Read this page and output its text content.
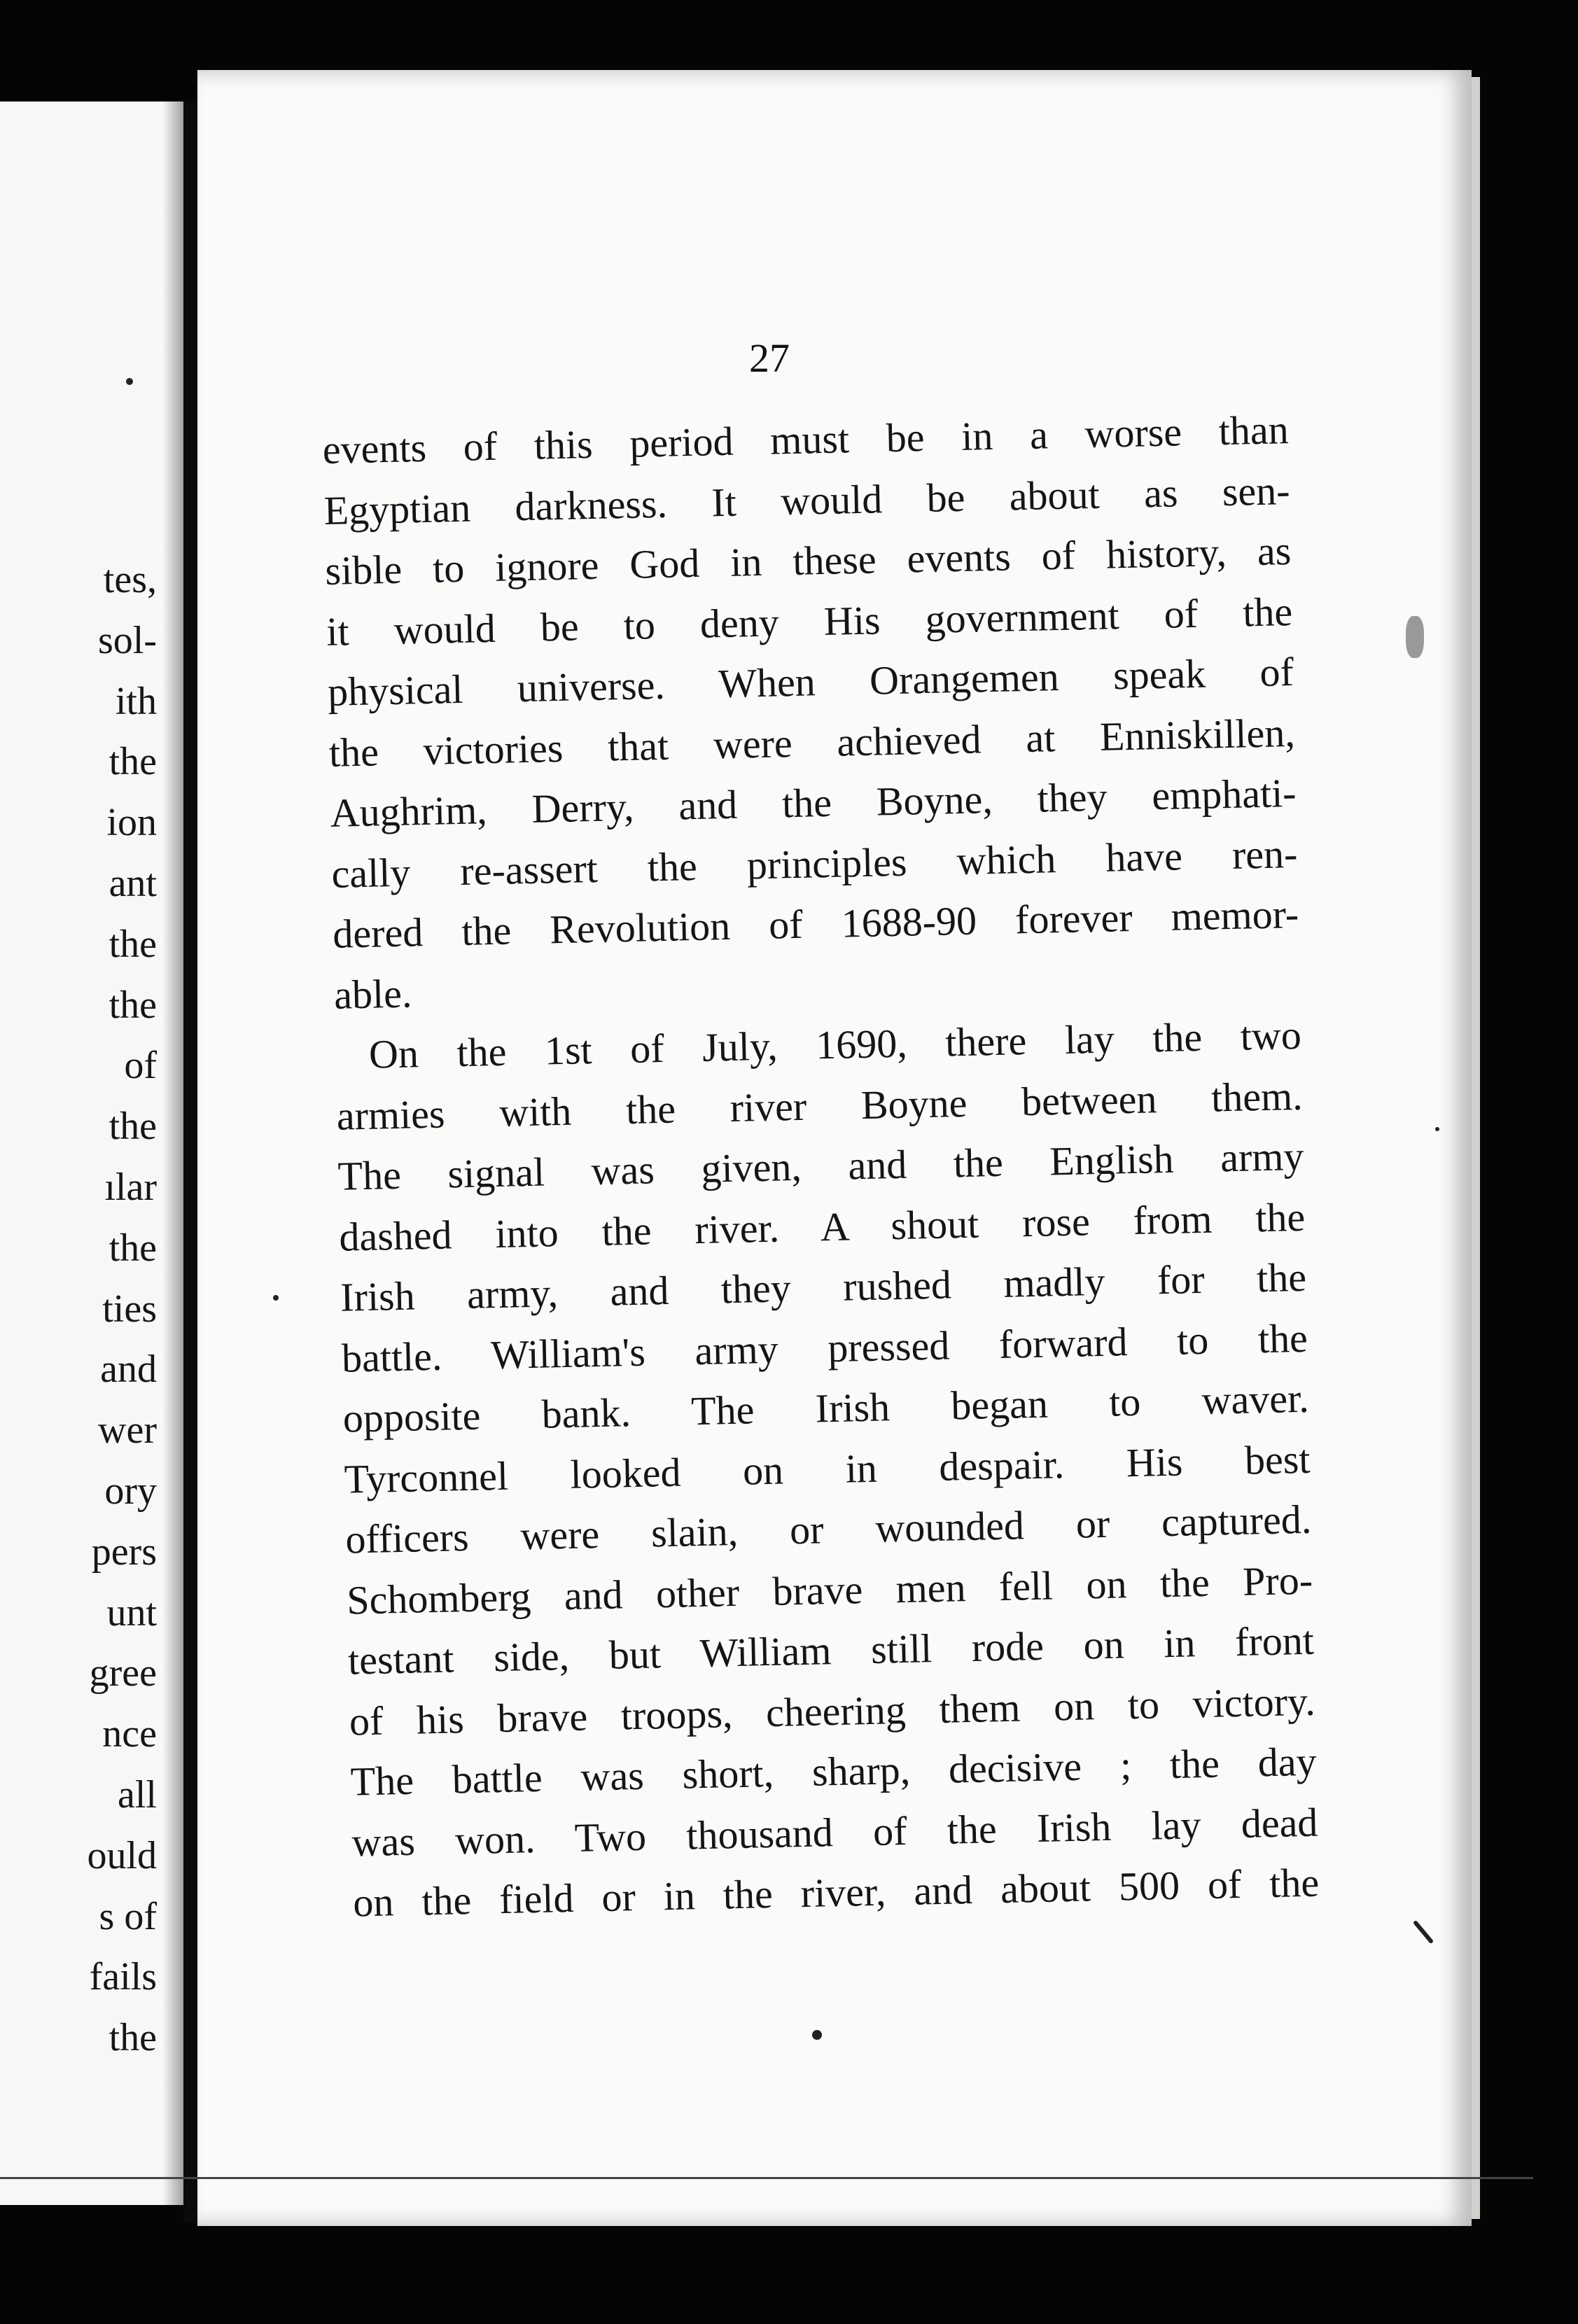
tes,
sol-
ith
the
ion
ant
the
the
of
the
ılar
the
ties
and
wer
ory
pers
unt
gree
nce
all
ould
s of
fails
the
27

events of this period must be in a worse than
Egyptian darkness. It would be about as sen-
sible to ignore God in these events of history, as
it would be to deny His government of the
physical universe. When Orangemen speak of
the victories that were achieved at Enniskillen,
Aughrim, Derry, and the Boyne, they emphati-
cally re-assert the principles which have ren-
dered the Revolution of 1688-90 forever memor-
able.

On the 1st of July, 1690, there lay the two
armies with the river Boyne between them.
The signal was given, and the English army
dashed into the river. A shout rose from the
Irish army, and they rushed madly for the
battle. William's army pressed forward to the
opposite bank. The Irish began to waver.
Tyrconnel looked on in despair. His best
officers were slain, or wounded or captured.
Schomberg and other brave men fell on the Pro-
testant side, but William still rode on in front
of his brave troops, cheering them on to victory.
The battle was short, sharp, decisive ; the day
was won. Two thousand of the Irish lay dead
on the field or in the river, and about 500 of the
